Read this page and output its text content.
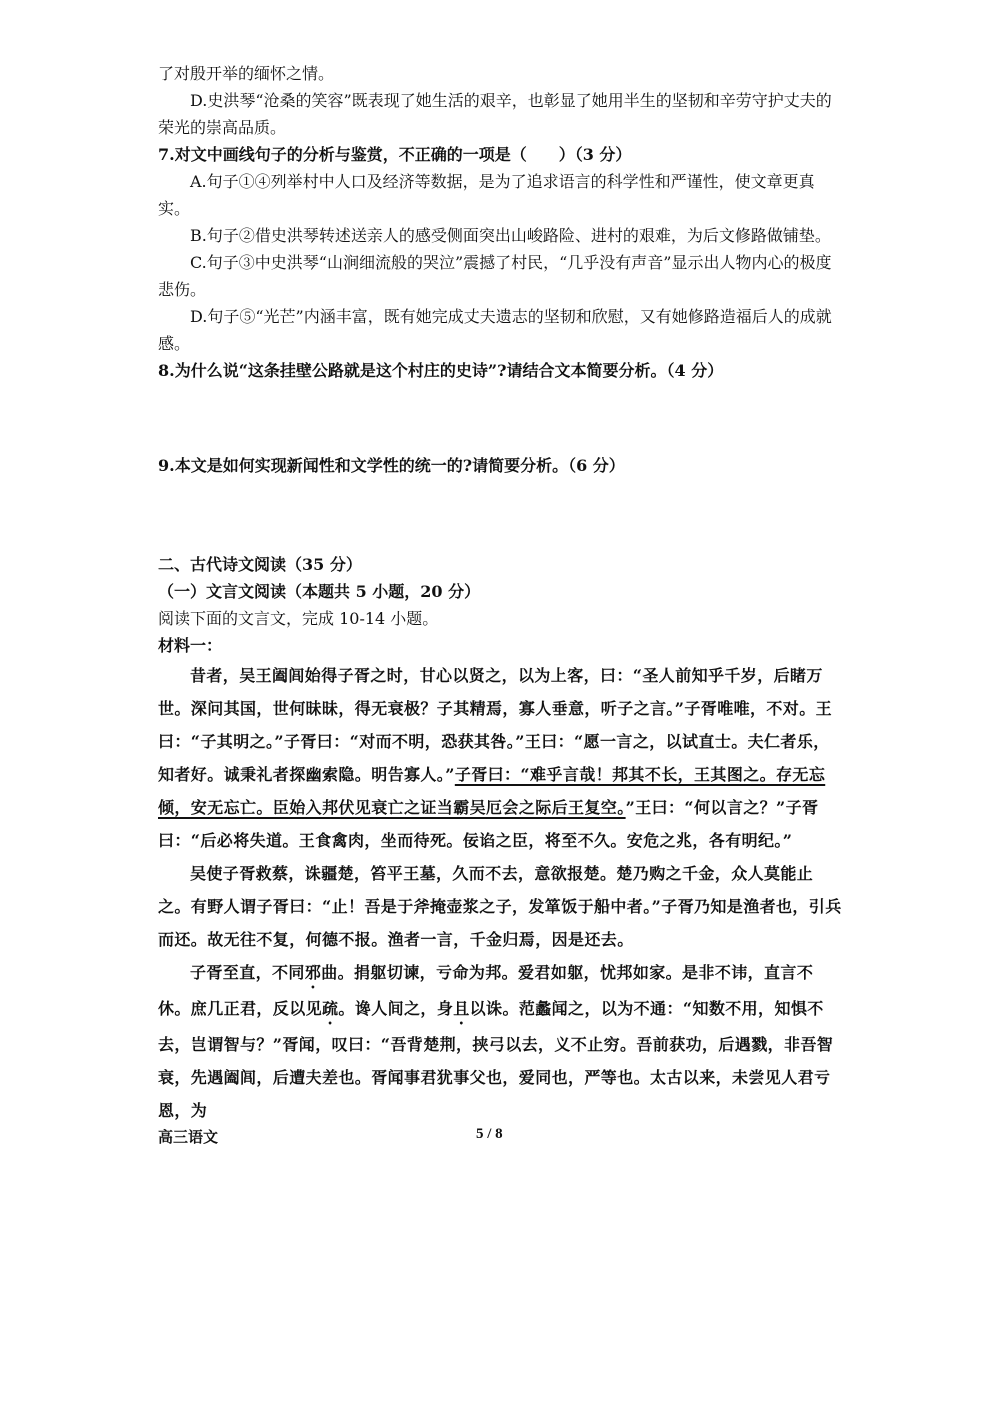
了对殷开举的缅怀之情。

D.史洪琴“沧桑的笑容”既表现了她生活的艰辛，也彰显了她用半生的坚韧和辛劳守护丈夫的荣光的崇高品质。

7.对文中画线句子的分析与鉴赏，不正确的一项是（　　）（3 分）

A.句子①④列举村中人口及经济等数据，是为了追求语言的科学性和严谨性，使文章更真实。

B.句子②借史洪琴转述送亲人的感受侧面突出山峻路险、进村的艰难，为后文修路做铺垫。

C.句子③中史洪琴“山涧细流般的哭泣”震撼了村民，“几乎没有声音”显示出人物内心的极度悲伤。

D.句子⑤“光芒”内涵丰富，既有她完成丈夫遗志的坚韧和欣慰，又有她修路造福后人的成就感。

8.为什么说“这条挂壁公路就是这个村庄的史诗”?请结合文本简要分析。（4 分）

9.本文是如何实现新闻性和文学性的统一的?请简要分析。（6 分）

二、古代诗文阅读（35 分）

（一）文言文阅读（本题共 5 小题，20 分）

阅读下面的文言文，完成 10-14 小题。

材料一：

昔者，吴王阖闾始得子胥之时，甘心以贤之，以为上客，曰：“圣人前知乎千岁，后睹万世。深问其国，世何昧昧，得无衰极？子其精焉，寡人垂意，听子之言。”子胥唯唯，不对。王曰：“子其明之。”子胥曰：“对而不明，恐获其咎。”王曰：“愿一言之，以试直士。夫仁者乐，知者好。诚秉礼者探幽索隐。明告寡人。”子胥曰：“难乎言哉！邦其不长，王其图之。存无忘倾，安无忘亡。臣始入邦伏见衰亡之证当霸吴厄会之际后王复空。”王曰：“何以言之？”子胥曰：“后必将失道。王食禽肉，坐而待死。佞谄之臣，将至不久。安危之兆，各有明纪。”

吴使子胥救蔡，诛疆楚，笞平王墓，久而不去，意欲报楚。楚乃购之千金，众人莫能止之。有野人谓子胥曰：“止！吾是于斧掩壶浆之子，发箪饭于船中者。”子胥乃知是渔者也，引兵而还。故无往不复，何德不报。渔者一言，千金归焉，因是还去。

子胥至直，不同邪曲。捐躯切谏，亏命为邦。爱君如躯，忧邦如家。是非不讳，直言不休。庶几正君，反以见疏。谗人间之，身且以诛。范蠡闻之，以为不通：“知数不用，知惧不去，岂谓智与？”胥闻，叹曰：“吾背楚荆，挟弓以去，义不止穷。吾前获功，后遇戮，非吾智衰，先遇阖闾，后遭夫差也。胥闻事君犹事父也，爱同也，严等也。太古以来，未尝见人君亏恩，为

高三语文	5 / 8
